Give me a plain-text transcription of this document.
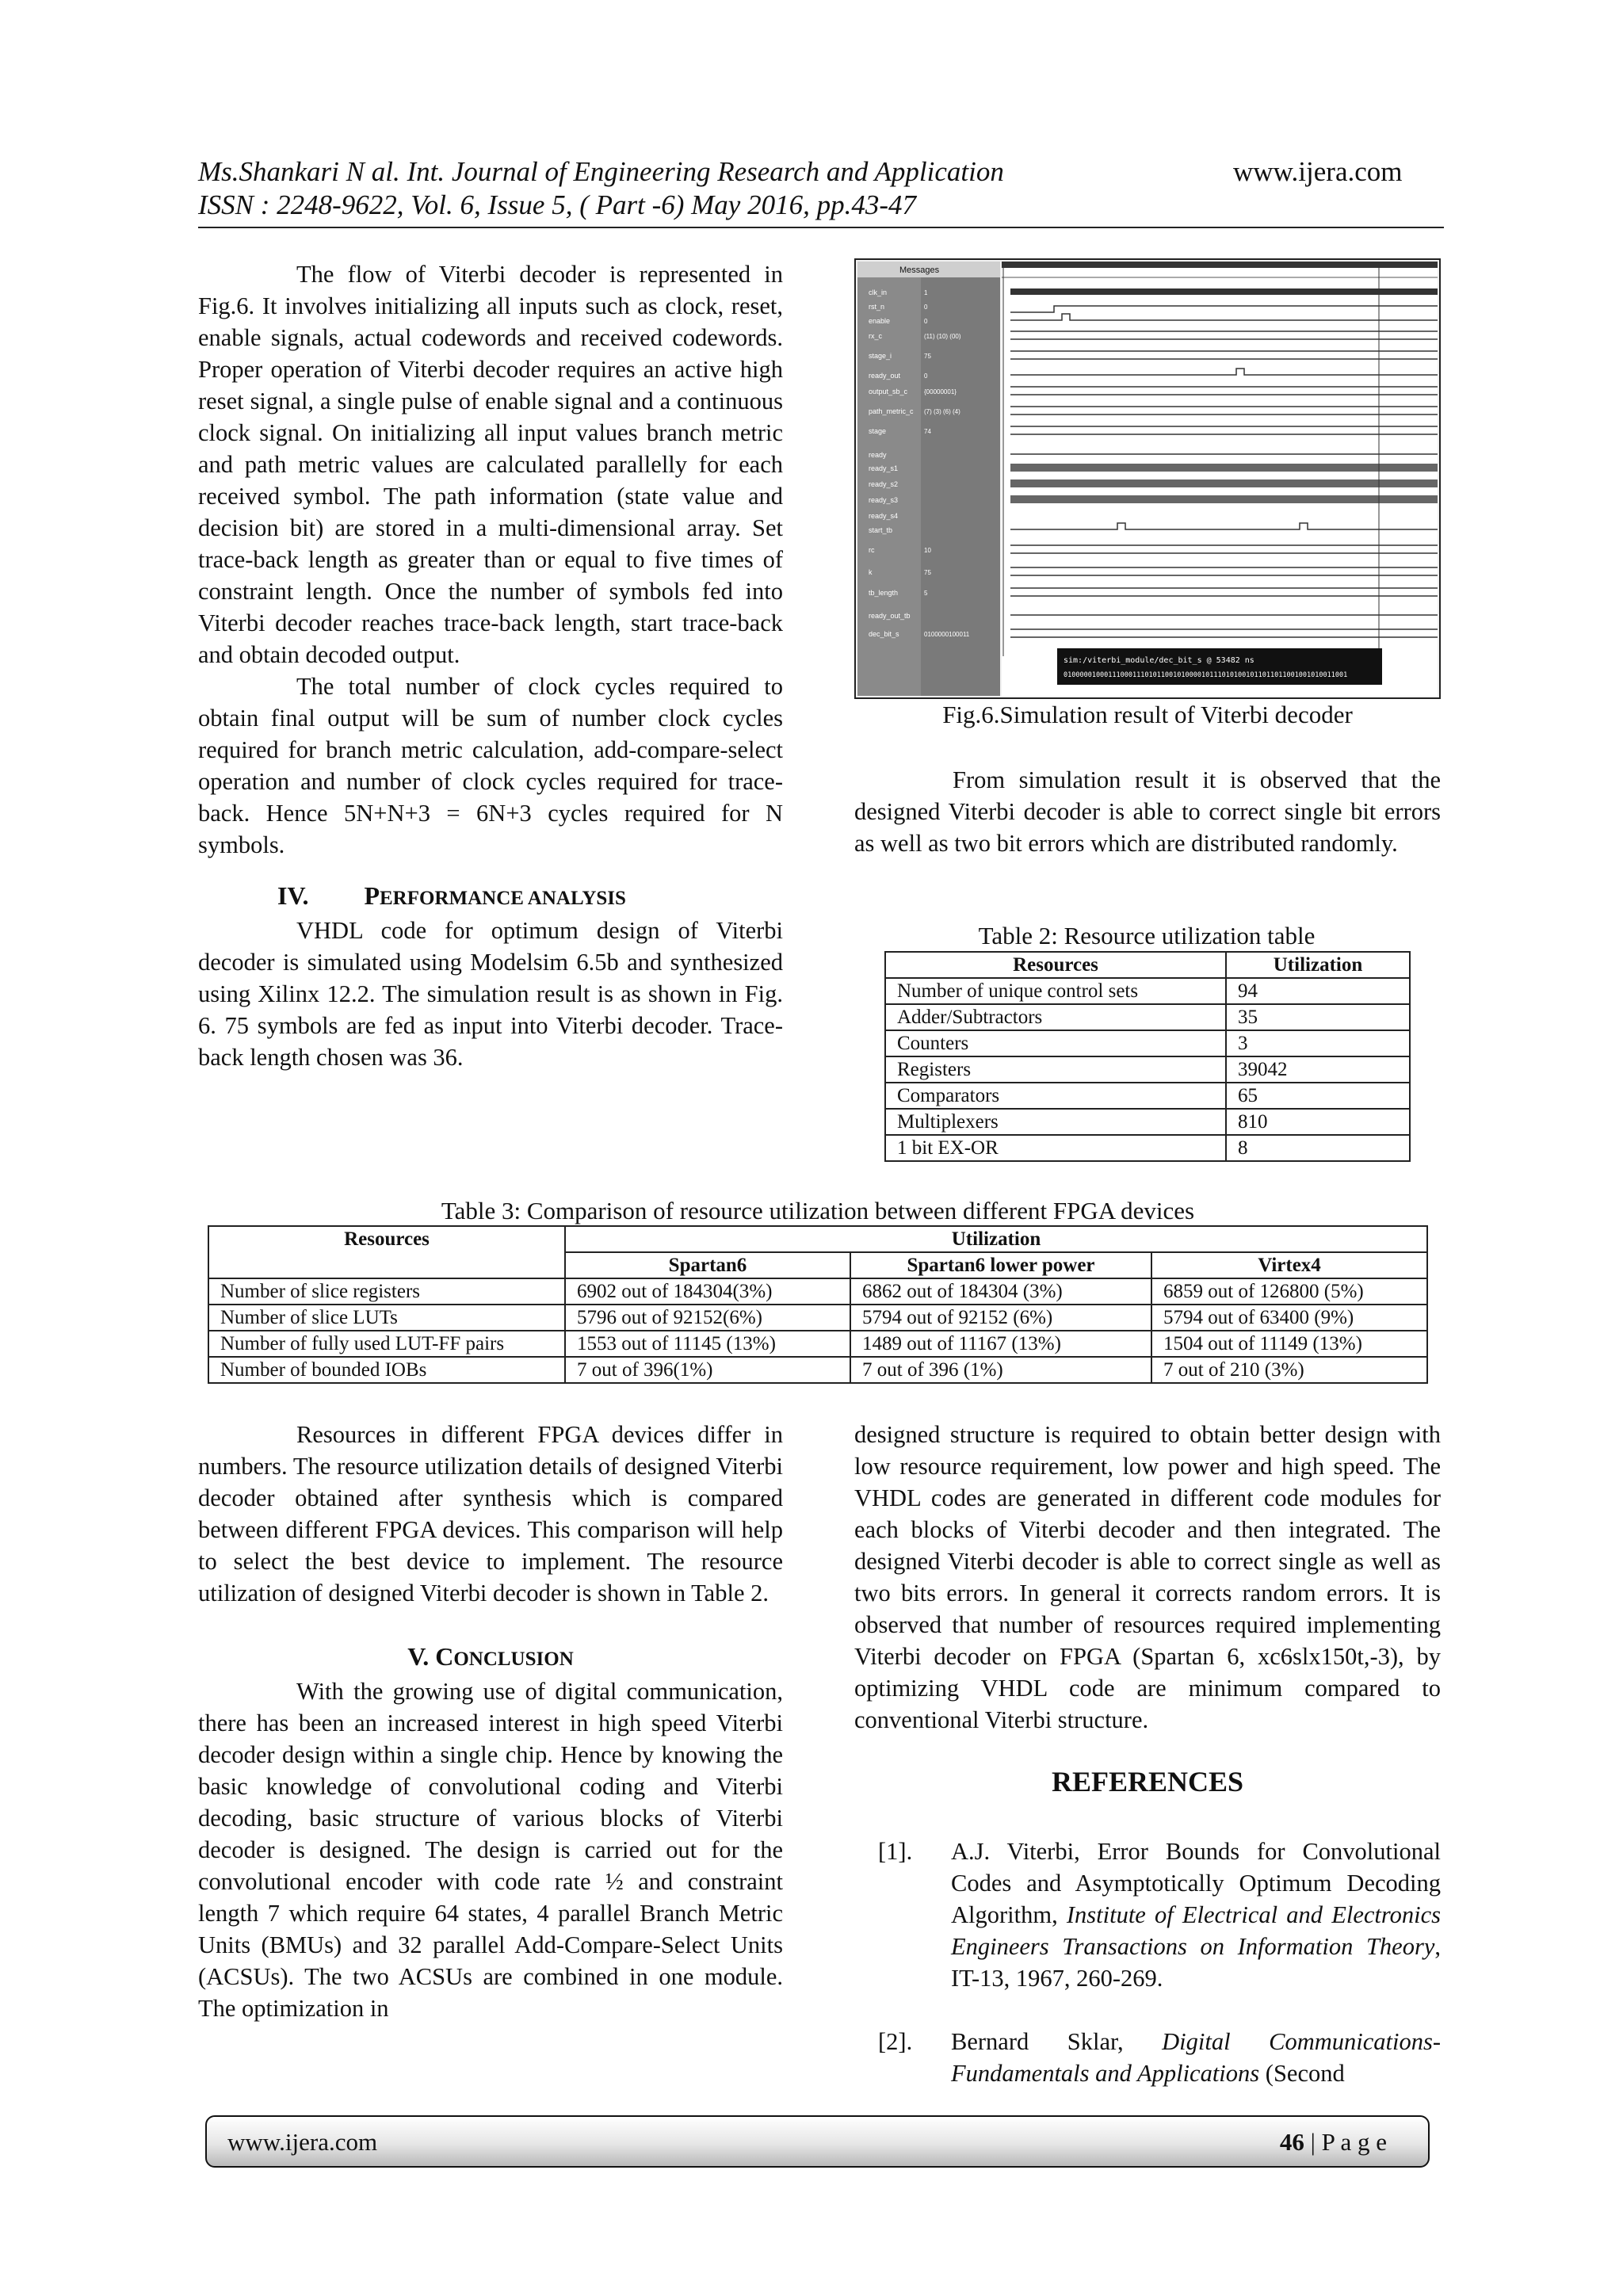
Ms.Shankari N al. Int. Journal of Engineering Research and Application	www.ijera.com
ISSN : 2248-9622, Vol. 6, Issue 5, ( Part -6) May 2016, pp.43-47

The flow of Viterbi decoder is represented in Fig.6. It involves initializing all inputs such as clock, reset, enable signals, actual codewords and received codewords. Proper operation of Viterbi decoder requires an active high reset signal, a single pulse of enable signal and a continuous clock signal. On initializing all input values branch metric and path metric values are calculated parallelly for each received symbol. The path information (state value and decision bit) are stored in a multi-dimensional array. Set trace-back length as greater than or equal to five times of constraint length. Once the number of symbols fed into Viterbi decoder reaches trace-back length, start trace-back and obtain decoded output.

The total number of clock cycles required to obtain final output will be sum of number clock cycles required for branch metric calculation, add-compare-select operation and number of clock cycles required for trace-back. Hence 5N+N+3 = 6N+3 cycles required for N symbols.

IV. PERFORMANCE ANALYSIS

VHDL code for optimum design of Viterbi decoder is simulated using Modelsim 6.5b and synthesized using Xilinx 12.2. The simulation result is as shown in Fig. 6. 75 symbols are fed as input into Viterbi decoder. Trace-back length chosen was 36.

sim:/viterbi_module/dec_bit_s @ 53482 ns
0100000100011100011101011001010000101110101001011011011001001010011001
Messages
clk_in	1
rst_n	0
enable	0
rx_c	(11) (10) (00)
stage_i	75
ready_out	0
output_sb_c	{00000001}
path_metric_c (7) (3) (6) (4)
stage	74
ready
ready_s1
ready_s2
ready_s3
ready_s4
start_tb
rc	10
k	75
tb_length	5
ready_out_tb
dec_bit_s	0100000100011
Fig.6.Simulation result of Viterbi decoder

From simulation result it is observed that the designed Viterbi decoder is able to correct single bit errors as well as two bit errors which are distributed randomly.

Table 2: Resource utilization table
Resources	Utilization
Number of unique control sets	94
Adder/Subtractors	35
Counters	3
Registers	39042
Comparators	65
Multiplexers	810
1 bit EX-OR	8
Table 3: Comparison of resource utilization between different FPGA devices
Resources	Utilization		
	Spartan6	Spartan6 lower power	Virtex4
Number of slice registers	6902 out of 184304(3%)	6862 out of 184304 (3%)	6859 out of 126800 (5%)
Number of slice LUTs	5796 out of 92152(6%)	5794 out of 92152 (6%)	5794 out of 63400 (9%)
Number of fully used LUT-FF pairs	1553 out of 11145 (13%)	1489 out of 11167 (13%)	1504 out of 11149 (13%)
Number of bounded IOBs	7 out of 396(1%)	7 out of 396 (1%)	7 out of 210 (3%)

Resources in different FPGA devices differ in numbers. The resource utilization details of designed Viterbi decoder obtained after synthesis which is compared between different FPGA devices. This comparison will help to select the best device to implement. The resource utilization of designed Viterbi decoder is shown in Table 2.

V. CONCLUSION

With the growing use of digital communication, there has been an increased interest in high speed Viterbi decoder design within a single chip. Hence by knowing the basic knowledge of convolutional coding and Viterbi decoding, basic structure of various blocks of Viterbi decoder is designed. The design is carried out for the convolutional encoder with code rate ½ and constraint length 7 which require 64 states, 4 parallel Branch Metric Units (BMUs) and 32 parallel Add-Compare-Select Units (ACSUs). The two ACSUs are combined in one module. The optimization in

designed structure is required to obtain better design with low resource requirement, low power and high speed. The VHDL codes are generated in different code modules for each blocks of Viterbi decoder and then integrated. The designed Viterbi decoder is able to correct single as well as two bits errors. In general it corrects random errors. It is observed that number of resources required implementing Viterbi decoder on FPGA (Spartan 6, xc6slx150t,-3), by optimizing VHDL code are minimum compared to conventional Viterbi structure.

REFERENCES
[1]. A.J. Viterbi, Error Bounds for Convolutional Codes and Asymptotically Optimum Decoding Algorithm, Institute of Electrical and Electronics Engineers Transactions on Information Theory, IT-13, 1967, 260-269.
[2]. Bernard Sklar, Digital Communications-Fundamentals and Applications (Second
www.ijera.com	46 | P a g e
